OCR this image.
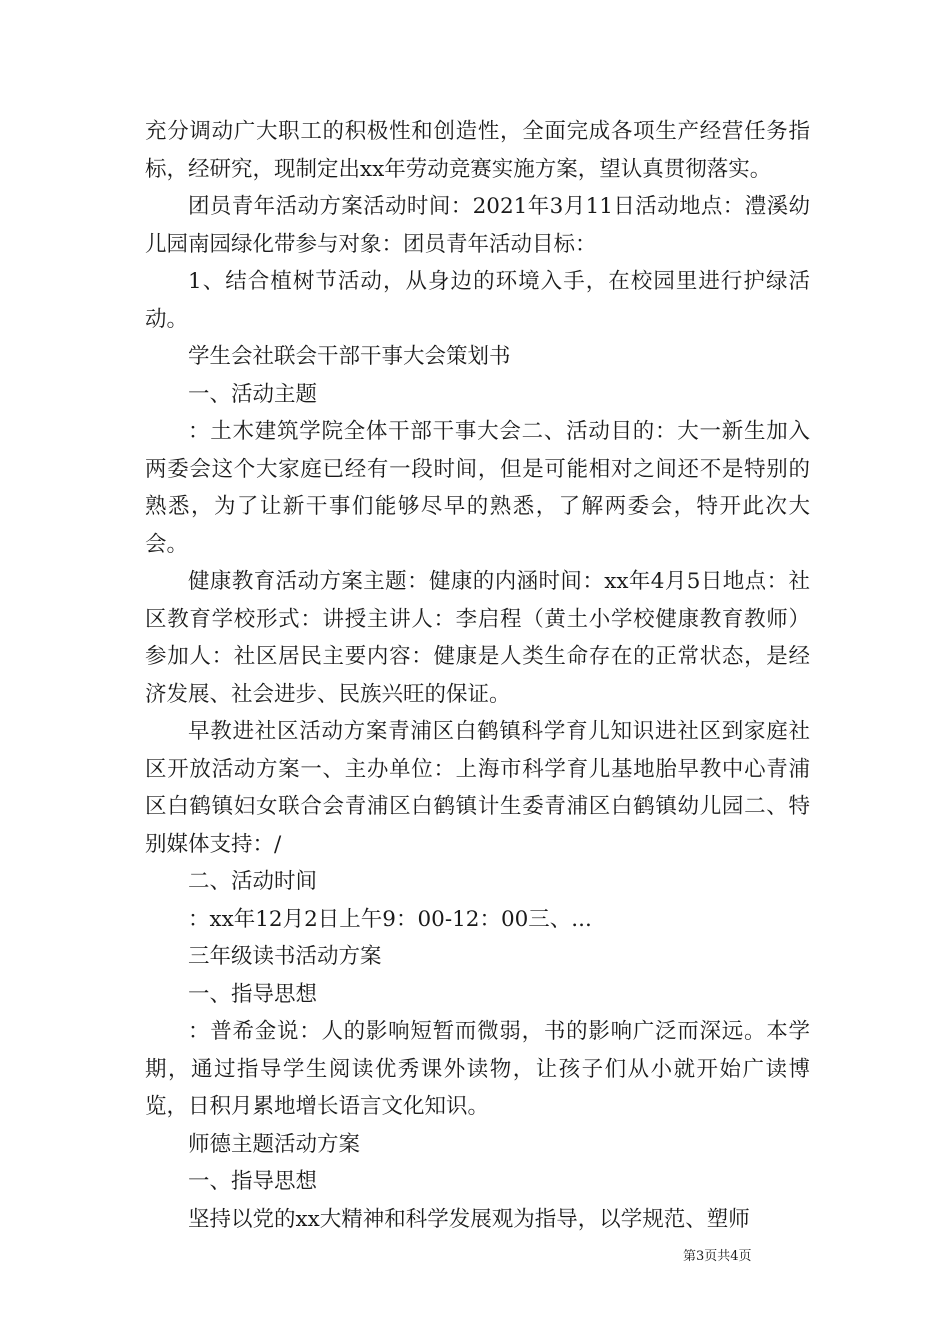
充分调动广大职工的积极性和创造性，全面完成各项生产经营任务指标，经研究，现制定出xx年劳动竞赛实施方案，望认真贯彻落实。

团员青年活动方案活动时间：2021年3月11日活动地点：澧溪幼儿园南园绿化带参与对象：团员青年活动目标：

1、结合植树节活动，从身边的环境入手，在校园里进行护绿活动。

学生会社联会干部干事大会策划书

一、活动主题

：土木建筑学院全体干部干事大会二、活动目的：大一新生加入两委会这个大家庭已经有一段时间，但是可能相对之间还不是特别的熟悉，为了让新干事们能够尽早的熟悉，了解两委会，特开此次大会。

健康教育活动方案主题：健康的内涵时间：xx年4月5日地点：社区教育学校形式：讲授主讲人：李启程（黄土小学校健康教育教师）参加人：社区居民主要内容：健康是人类生命存在的正常状态，是经济发展、社会进步、民族兴旺的保证。

早教进社区活动方案青浦区白鹤镇科学育儿知识进社区到家庭社区开放活动方案一、主办单位：上海市科学育儿基地胎早教中心青浦区白鹤镇妇女联合会青浦区白鹤镇计生委青浦区白鹤镇幼儿园二、特别媒体支持：/

二、活动时间

：xx年12月2日上午9：00-12：00三、...

三年级读书活动方案

一、指导思想

：普希金说：人的影响短暂而微弱，书的影响广泛而深远。本学期，通过指导学生阅读优秀课外读物，让孩子们从小就开始广读博览，日积月累地增长语言文化知识。

师德主题活动方案

一、指导思想

坚持以党的xx大精神和科学发展观为指导，以学规范、塑师

第3页共4页
